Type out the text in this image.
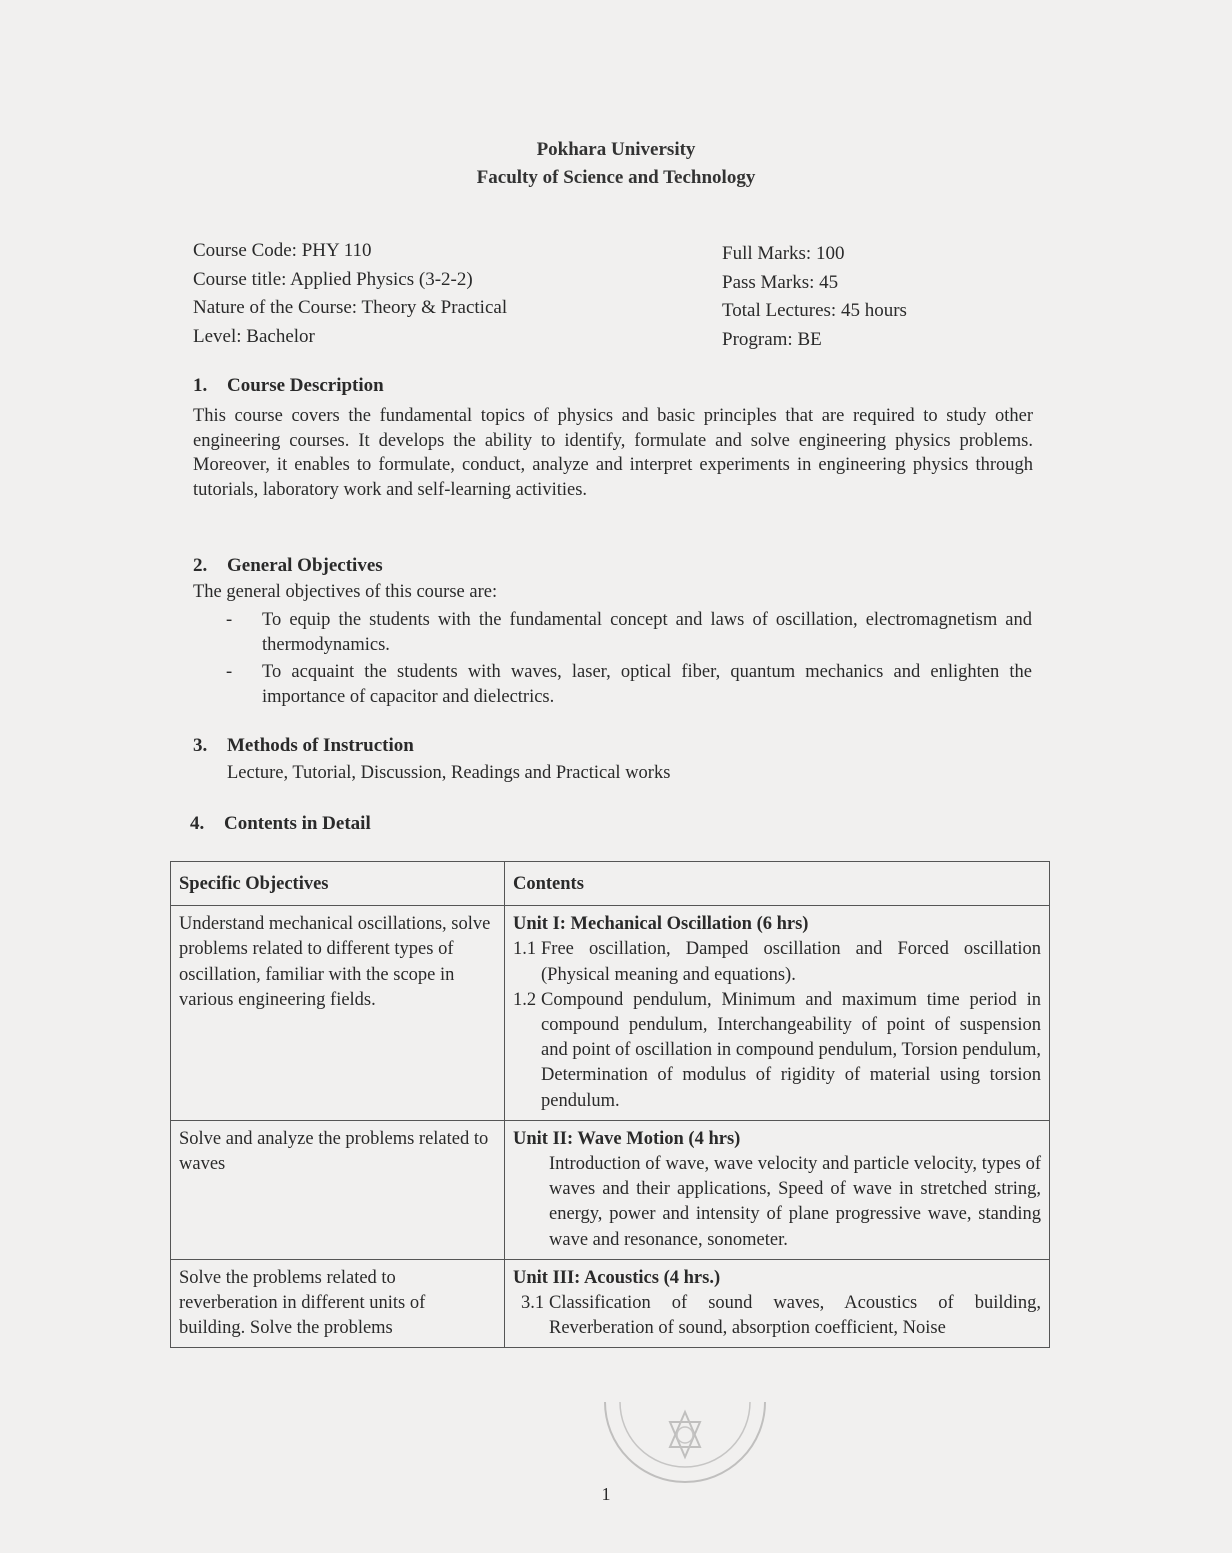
Pokhara University
Faculty of Science and Technology
Course Code: PHY 110
Course title: Applied Physics (3-2-2)
Nature of the Course: Theory & Practical
Level: Bachelor
Full Marks: 100
Pass Marks: 45
Total Lectures: 45 hours
Program: BE
1. Course Description
This course covers the fundamental topics of physics and basic principles that are required to study other engineering courses. It develops the ability to identify, formulate and solve engineering physics problems. Moreover, it enables to formulate, conduct, analyze and interpret experiments in engineering physics through tutorials, laboratory work and self-learning activities.
2. General Objectives
The general objectives of this course are:
-	To equip the students with the fundamental concept and laws of oscillation, electromagnetism and thermodynamics.
-	To acquaint the students with waves, laser, optical fiber, quantum mechanics and enlighten the importance of capacitor and dielectrics.
3. Methods of Instruction
Lecture, Tutorial, Discussion, Readings and Practical works
4. Contents in Detail
Specific Objectives	Contents
Understand mechanical oscillations, solve problems related to different types of oscillation, familiar with the scope in various engineering fields.	Unit I: Mechanical Oscillation (6 hrs)
1.1 Free oscillation, Damped oscillation and Forced oscillation (Physical meaning and equations).
1.2 Compound pendulum, Minimum and maximum time period in compound pendulum, Interchangeability of point of suspension and point of oscillation in compound pendulum, Torsion pendulum, Determination of modulus of rigidity of material using torsion pendulum.

Solve and analyze the problems related to waves	Unit II: Wave Motion (4 hrs)
Introduction of wave, wave velocity and particle velocity, types of waves and their applications, Speed of wave in stretched string, energy, power and intensity of plane progressive wave, standing wave and resonance, sonometer.

Solve the problems related to reverberation in different units of building. Solve the problems	Unit III: Acoustics (4 hrs.)
3.1 Classification of sound waves, Acoustics of building, Reverberation of sound, absorption coefficient, Noise
1
